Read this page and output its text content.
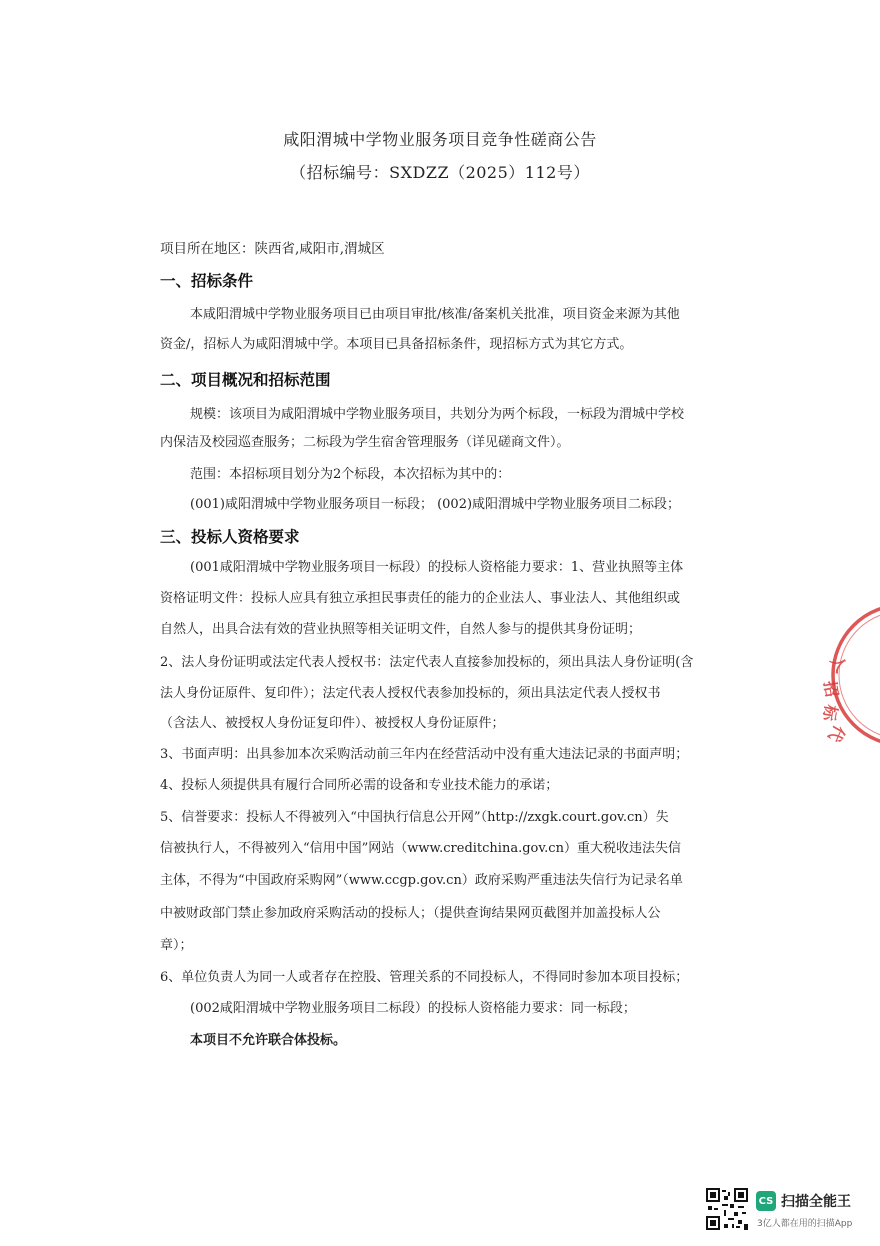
咸阳渭城中学物业服务项目竞争性磋商公告
（招标编号：SXDZZ（2025）112号）
项目所在地区：陕西省,咸阳市,渭城区
一、招标条件
本咸阳渭城中学物业服务项目已由项目审批/核准/备案机关批准，项目资金来源为其他
资金/，招标人为咸阳渭城中学。本项目已具备招标条件，现招标方式为其它方式。
二、项目概况和招标范围
规模：该项目为咸阳渭城中学物业服务项目，共划分为两个标段，一标段为渭城中学校
内保洁及校园巡查服务；二标段为学生宿舍管理服务（详见磋商文件）。
范围：本招标项目划分为2个标段，本次招标为其中的：
(001)咸阳渭城中学物业服务项目一标段； (002)咸阳渭城中学物业服务项目二标段；
三、投标人资格要求
(001咸阳渭城中学物业服务项目一标段）的投标人资格能力要求：1、营业执照等主体
资格证明文件：投标人应具有独立承担民事责任的能力的企业法人、事业法人、其他组织或
自然人，出具合法有效的营业执照等相关证明文件，自然人参与的提供其身份证明；
2、法人身份证明或法定代表人授权书：法定代表人直接参加投标的，须出具法人身份证明(含
法人身份证原件、复印件）；法定代表人授权代表参加投标的，须出具法定代表人授权书
（含法人、被授权人身份证复印件）、被授权人身份证原件；
3、书面声明：出具参加本次采购活动前三年内在经营活动中没有重大违法记录的书面声明；
4、投标人须提供具有履行合同所必需的设备和专业技术能力的承诺；
5、信誉要求：投标人不得被列入“中国执行信息公开网”（http://zxgk.court.gov.cn）失
信被执行人，不得被列入“信用中国”网站（www.creditchina.gov.cn）重大税收违法失信
主体，不得为“中国政府采购网”（www.ccgp.gov.cn）政府采购严重违法失信行为记录名单
中被财政部门禁止参加政府采购活动的投标人；（提供查询结果网页截图并加盖投标人公
章）；
6、单位负责人为同一人或者存在控股、管理关系的不同投标人，不得同时参加本项目投标；
(002咸阳渭城中学物业服务项目二标段）的投标人资格能力要求：同一标段；
本项目不允许联合体投标。
人
招
标
代
CS 扫描全能王
3亿人都在用的扫描App
